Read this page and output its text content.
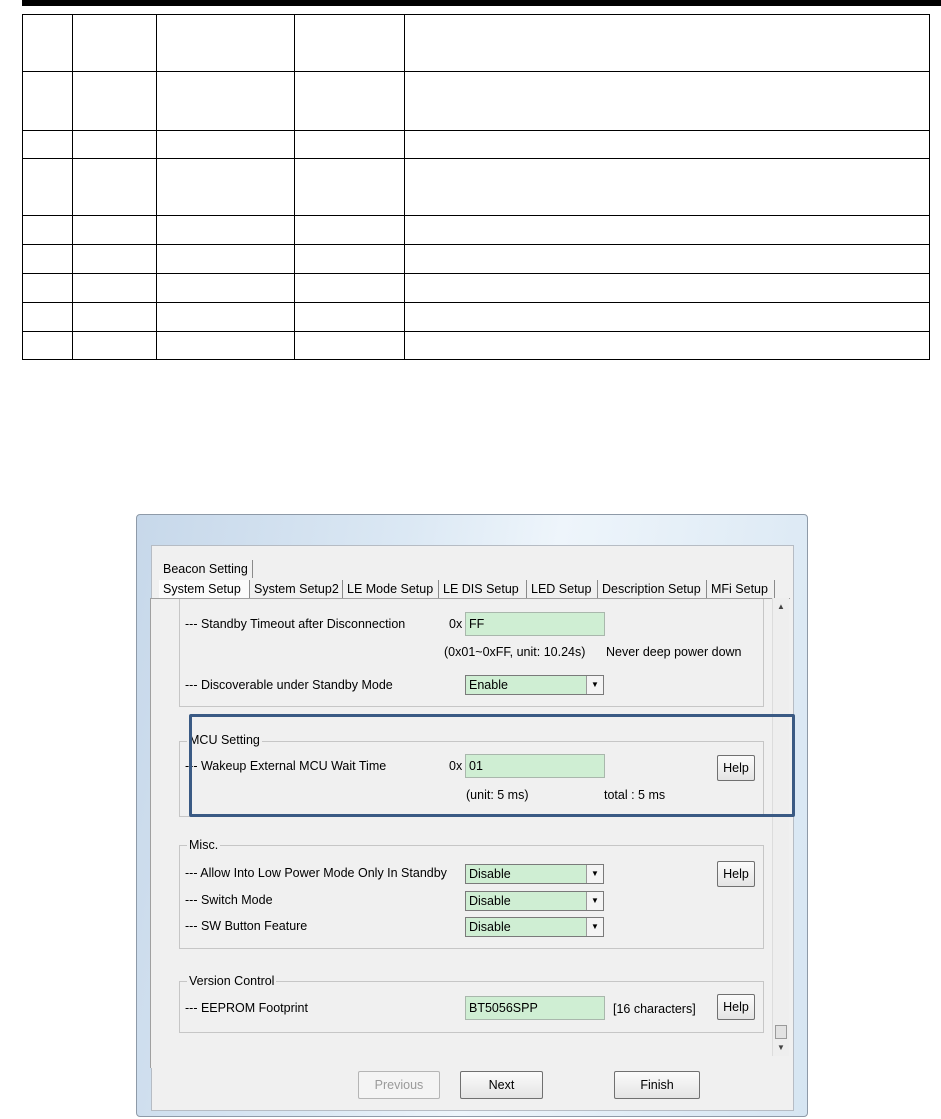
Beacon Setting
System Setup	System Setup2 LE Mode Setup LE DIS Setup LED Setup Description Setup MFi Setup
--- Standby Timeout after Disconnection	0x FF
(0x01~0xFF, unit: 10.24s) Never deep power down
--- Discoverable under Standby Mode	Enable	▼
MCU Setting
--- Wakeup External MCU Wait Time	0x 01	Help
(unit: 5 ms)	total : 5 ms
Misc.
--- Allow Into Low Power Mode Only In Standby	Disable	▼	Help
--- Switch Mode	Disable	▼
--- SW Button Feature	Disable	▼
Version Control
--- EEPROM Footprint	BT5056SPP	[16 characters]	Help
▲
▼
Previous	Next	Finish
